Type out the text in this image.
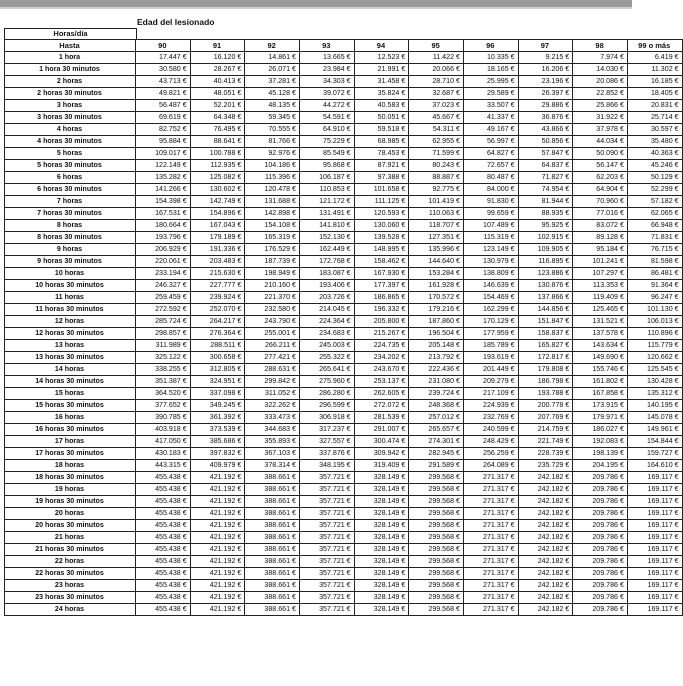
Edad del lesionado
Horas/día
Hasta	90	91	92	93	94	95	96	97	98	99 o más
1 hora	17.447 €	16.120 €	14.861 €	13.665 €	12.523 €	11.422 €	10.335 €	9.215 €	7.974 €	6.419 €
1 hora 30 minutos	30.580 €	28.267 €	26.071 €	23.984 €	21.991 €	20.066 €	18.165 €	16.206 €	14.030 €	11.302 €
2 horas	43.713 €	40.413 €	37.281 €	34.303 €	31.458 €	28.710 €	25.995 €	23.196 €	20.086 €	16.185 €
2 horas 30 minutos	49.821 €	48.051 €	45.128 €	39.072 €	35.824 €	32.687 €	29.589 €	26.397 €	22.852 €	18.405 €
3 horas	56.487 €	52.201 €	48.135 €	44.272 €	40.583 €	37.023 €	33.507 €	29.886 €	25.866 €	20.831 €
3 horas 30 minutos	69.619 €	64.348 €	59.345 €	54.591 €	50.051 €	45.667 €	41.337 €	36.876 €	31.922 €	25.714 €
4 horas	82.752 €	76.495 €	70.555 €	64.910 €	59.518 €	54.311 €	49.167 €	43.866 €	37.978 €	30.597 €
4 horas 30 minutos	95.884 €	88.641 €	81.766 €	75.229 €	68.985 €	62.955 €	56.997 €	50.856 €	44.034 €	35.480 €
5 horas	109.017 €	100.788 €	92.976 €	85.549 €	78.453 €	71.599 €	64.827 €	57.847 €	50.090 €	40.363 €
5 horas 30 minutos	122.149 €	112.935 €	104.186 €	95.868 €	87.921 €	80.243 €	72.657 €	64.837 €	56.147 €	45.246 €
6 horas	135.282 €	125.082 €	115.396 €	106.187 €	97.388 €	88.887 €	80.487 €	71.827 €	62.203 €	50.129 €
6 horas 30 minutos	141.266 €	130.602 €	120.478 €	110.853 €	101.658 €	92.775 €	84.000 €	74.954 €	64.904 €	52.299 €
7 horas	154.398 €	142.749 €	131.688 €	121.172 €	111.125 €	101.419 €	91.830 €	81.944 €	70.960 €	57.182 €
7 horas 30 minutos	167.531 €	154.896 €	142.898 €	131.491 €	120.593 €	110.063 €	99.659 €	88.935 €	77.016 €	62.065 €
8 horas	180.664 €	167.043 €	154.108 €	141.810 €	130.060 €	118.707 €	107.489 €	95.925 €	83.072 €	66.948 €
8 horas 30 minutos	193.796 €	179.189 €	165.319 €	152.130 €	139.528 €	127.351 €	115.319 €	102.915 €	89.128 €	71.831 €
9 horas	206.929 €	191.336 €	176.529 €	162.449 €	148.995 €	135.996 €	123.149 €	109.905 €	95.184 €	76.715 €
9 horas 30 minutos	220.061 €	203.483 €	187.739 €	172.768 €	158.462 €	144.640 €	130.979 €	116.895 €	101.241 €	81.598 €
10 horas	233.194 €	215.630 €	198.949 €	183.087 €	167.930 €	153.284 €	138.809 €	123.886 €	107.297 €	86.481 €
10 horas 30 minutos	246.327 €	227.777 €	210.160 €	193.406 €	177.397 €	161.928 €	146.639 €	130.876 €	113.353 €	91.364 €
11 horas	259.459 €	239.924 €	221.370 €	203.726 €	186.865 €	170.572 €	154.469 €	137.866 €	119.409 €	96.247 €
11 horas 30 minutos	272.592 €	252.070 €	232.580 €	214.045 €	196.332 €	179.216 €	162.299 €	144.856 €	125.465 €	101.130 €
12 horas	285.724 €	264.217 €	243.790 €	224.364 €	205.800 €	187.860 €	170.129 €	151.847 €	131.521 €	106.013 €
12 horas 30 minutos	298.857 €	276.364 €	255.001 €	234.683 €	215.267 €	196.504 €	177.959 €	158.837 €	137.578 €	110.896 €
13 horas	311.989 €	288.511 €	266.211 €	245.003 €	224.735 €	205.148 €	185.789 €	165.827 €	143.634 €	115.779 €
13 horas 30 minutos	325.122 €	300.658 €	277.421 €	255.322 €	234.202 €	213.792 €	193.619 €	172.817 €	149.690 €	120.662 €
14 horas	338.255 €	312.805 €	288.631 €	265.641 €	243.670 €	222.436 €	201.449 €	179.808 €	155.746 €	125.545 €
14 horas 30 minutos	351.387 €	324.951 €	299.842 €	275.960 €	253.137 €	231.080 €	209.279 €	186.798 €	161.802 €	130.428 €
15 horas	364.520 €	337.098 €	311.052 €	286.280 €	262.605 €	239.724 €	217.109 €	193.788 €	167.858 €	135.312 €
15 horas 30 minutos	377.652 €	349.245 €	322.262 €	296.599 €	272.072 €	248.368 €	224.939 €	200.778 €	173.915 €	140.195 €
16 horas	390.785 €	361.392 €	333.473 €	306.918 €	281.539 €	257.012 €	232.769 €	207.769 €	179.971 €	145.078 €
16 horas 30 minutos	403.918 €	373.539 €	344.683 €	317.237 €	291.007 €	265.657 €	240.599 €	214.759 €	186.027 €	149.961 €
17 horas	417.050 €	385.686 €	355.893 €	327.557 €	300.474 €	274.301 €	248.429 €	221.749 €	192.083 €	154.844 €
17 horas 30 minutos	430.183 €	397.832 €	367.103 €	337.876 €	309.942 €	282.945 €	256.259 €	228.739 €	198.139 €	159.727 €
18 horas	443.315 €	409.979 €	378.314 €	348.195 €	319.409 €	291.589 €	264.089 €	235.729 €	204.195 €	164.610 €
18 horas 30 minutos	455.438 €	421.192 €	388.661 €	357.721 €	328.149 €	299.568 €	271.317 €	242.182 €	209.786 €	169.117 €
19 horas	455.438 €	421.192 €	388.661 €	357.721 €	328.149 €	299.568 €	271.317 €	242.182 €	209.786 €	169.117 €
19 horas 30 minutos	455.438 €	421.192 €	388.661 €	357.721 €	328.149 €	299.568 €	271.317 €	242.182 €	209.786 €	169.117 €
20 horas	455.438 €	421.192 €	388.661 €	357.721 €	328.149 €	299.568 €	271.317 €	242.182 €	209.786 €	169.117 €
20 horas 30 minutos	455.438 €	421.192 €	388.661 €	357.721 €	328.149 €	299.568 €	271.317 €	242.182 €	209.786 €	169.117 €
21 horas	455.438 €	421.192 €	388.661 €	357.721 €	328.149 €	299.568 €	271.317 €	242.182 €	209.786 €	169.117 €
21 horas 30 minutos	455.438 €	421.192 €	388.661 €	357.721 €	328.149 €	299.568 €	271.317 €	242.182 €	209.786 €	169.117 €
22 horas	455.438 €	421.192 €	388.661 €	357.721 €	328.149 €	299.568 €	271.317 €	242.182 €	209.786 €	169.117 €
22 horas 30 minutos	455.438 €	421.192 €	388.661 €	357.721 €	328.149 €	299.568 €	271.317 €	242.182 €	209.786 €	169.117 €
23 horas	455.438 €	421.192 €	388.661 €	357.721 €	328.149 €	299.568 €	271.317 €	242.182 €	209.786 €	169.117 €
23 horas 30 minutos	455.438 €	421.192 €	388.661 €	357.721 €	328.149 €	299.568 €	271.317 €	242.182 €	209.786 €	169.117 €
24 horas	455.438 €	421.192 €	388.661 €	357.721 €	328.149 €	299.568 €	271.317 €	242.182 €	209.786 €	169.117 €
